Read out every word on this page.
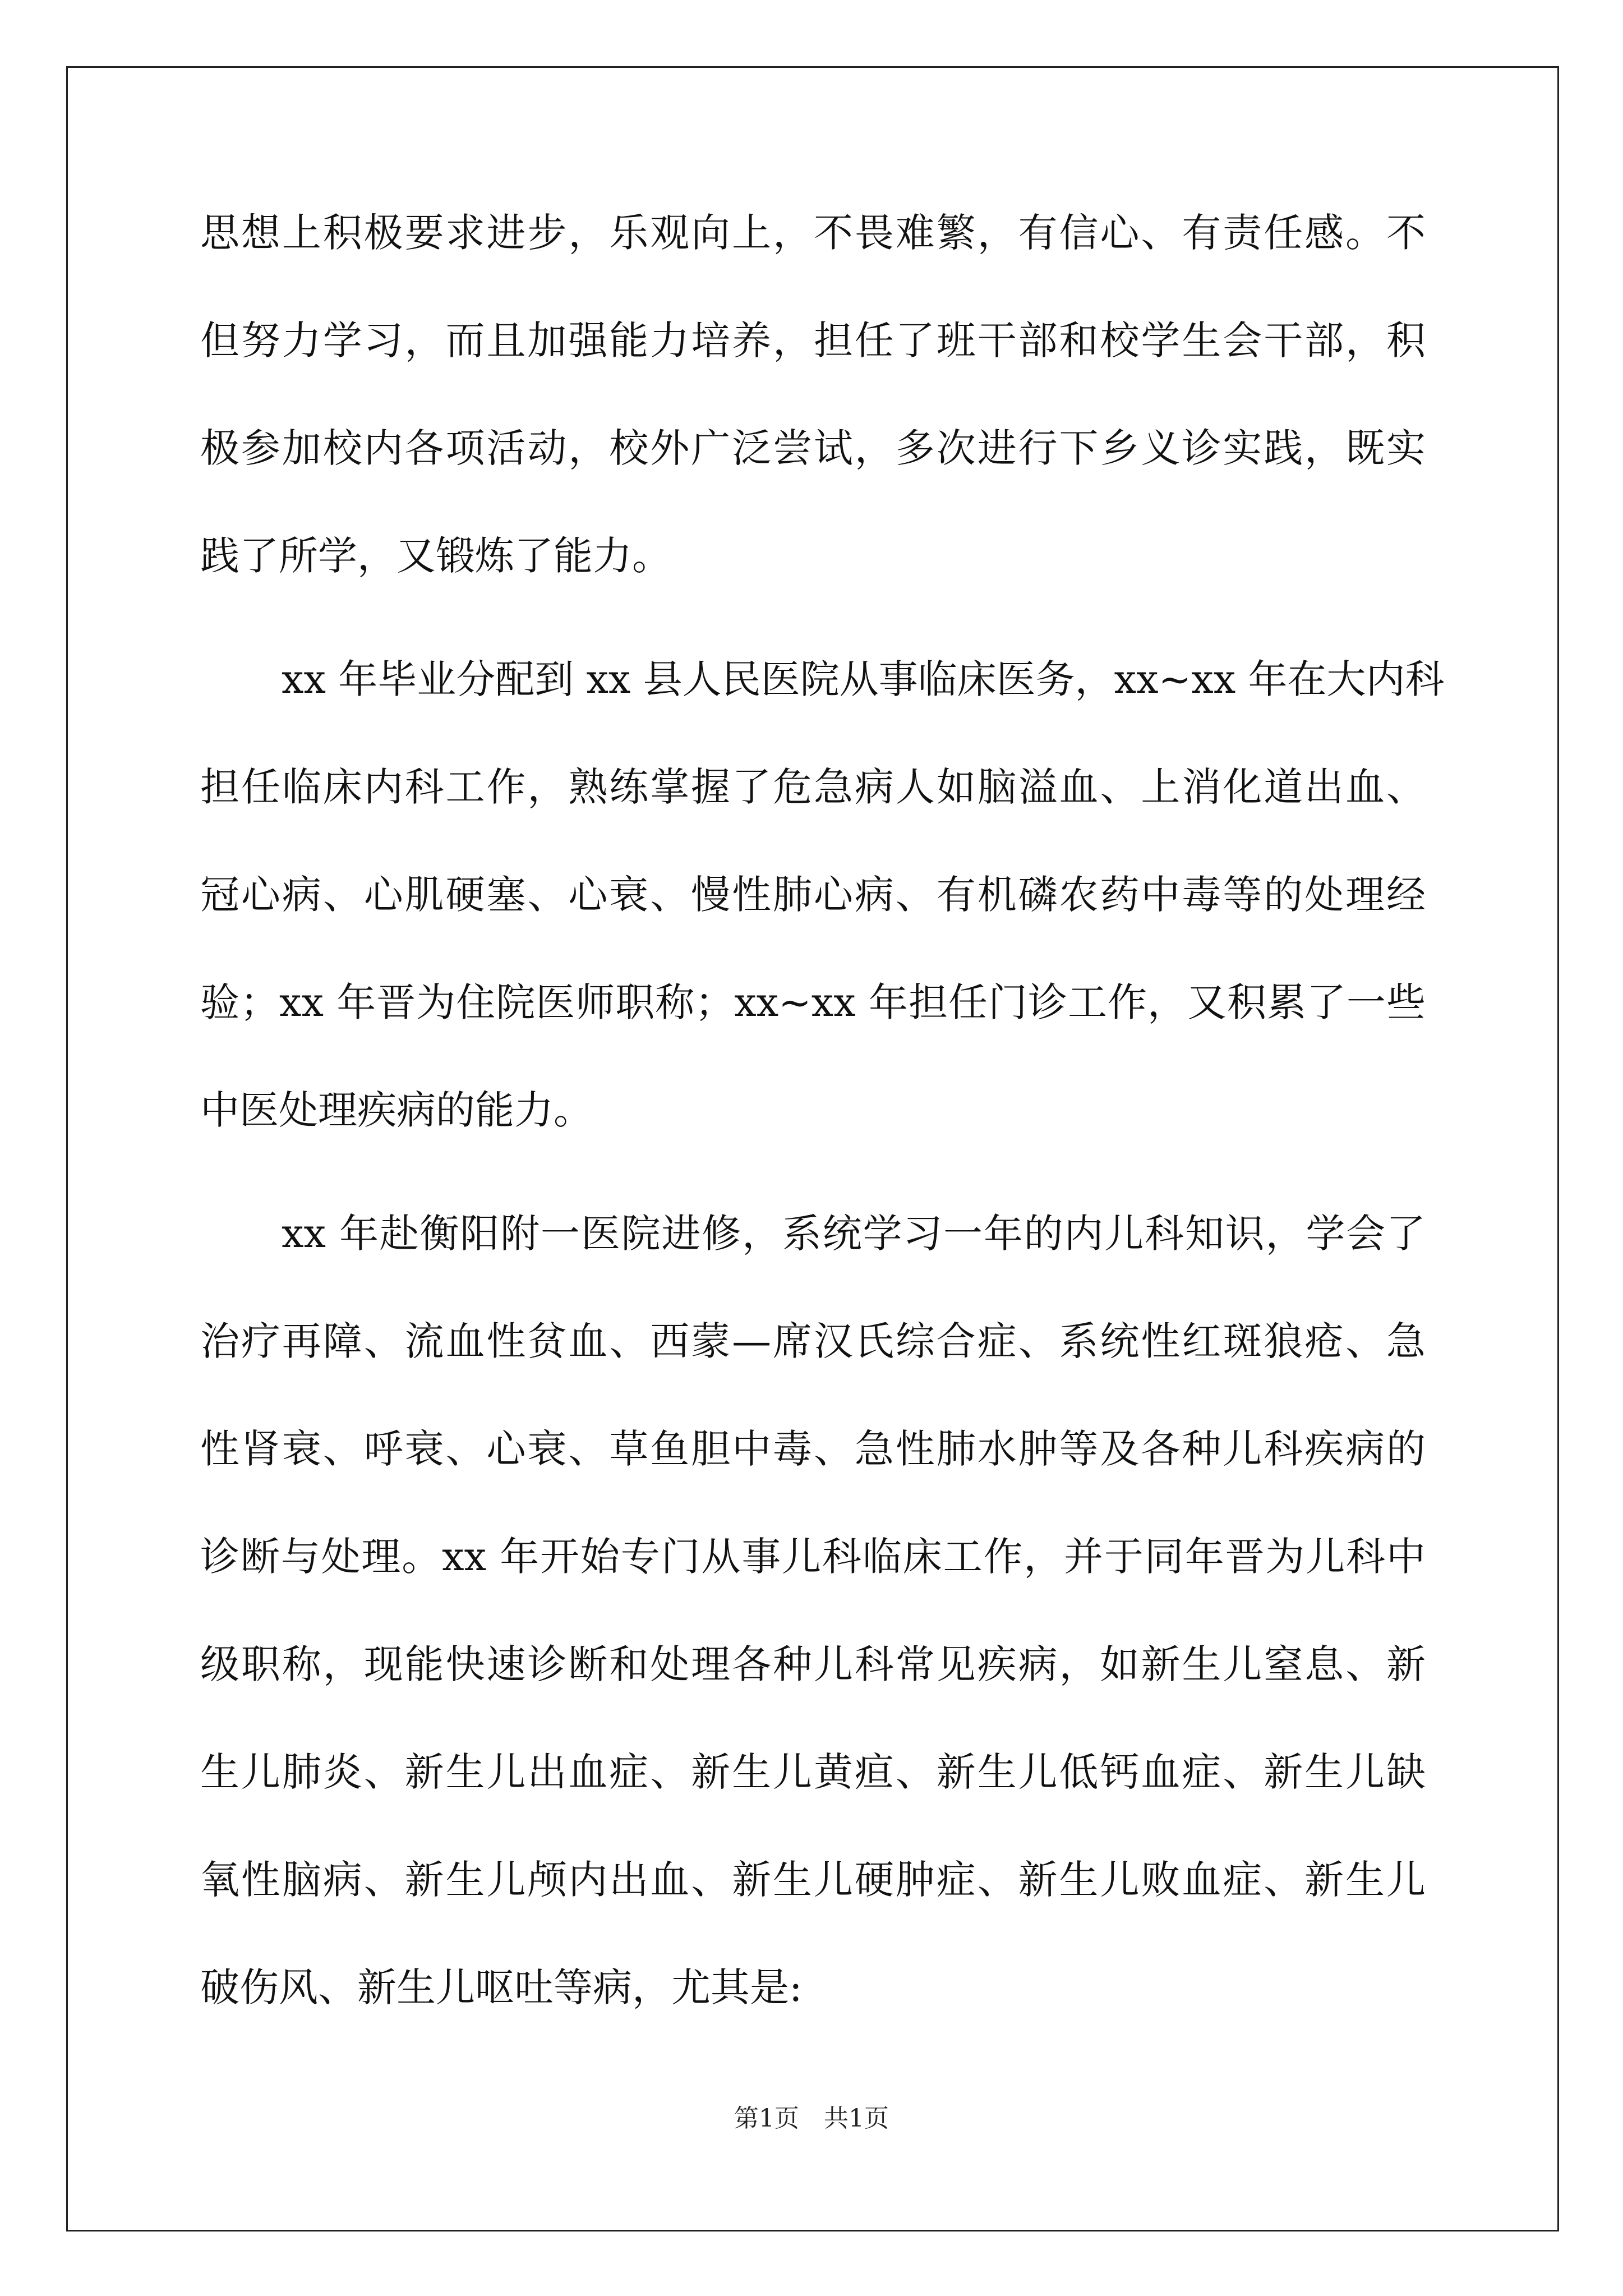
思想上积极要求进步，乐观向上，不畏难繁，有信心、有责任感。不
但努力学习，而且加强能力培养，担任了班干部和校学生会干部，积
极参加校内各项活动，校外广泛尝试，多次进行下乡义诊实践，既实
践了所学，又锻炼了能力。
xx 年毕业分配到 xx 县人民医院从事临床医务，xx~xx 年在大内科
担任临床内科工作，熟练掌握了危急病人如脑溢血、上消化道出血、
冠心病、心肌硬塞、心衰、慢性肺心病、有机磷农药中毒等的处理经
验；xx 年晋为住院医师职称；xx~xx 年担任门诊工作，又积累了一些
中医处理疾病的能力。
xx 年赴衡阳附一医院进修，系统学习一年的内儿科知识，学会了
治疗再障、流血性贫血、西蒙—席汉氏综合症、系统性红斑狼疮、急
性肾衰、呼衰、心衰、草鱼胆中毒、急性肺水肿等及各种儿科疾病的
诊断与处理。xx 年开始专门从事儿科临床工作，并于同年晋为儿科中
级职称，现能快速诊断和处理各种儿科常见疾病，如新生儿窒息、新
生儿肺炎、新生儿出血症、新生儿黄疸、新生儿低钙血症、新生儿缺
氧性脑病、新生儿颅内出血、新生儿硬肿症、新生儿败血症、新生儿
破伤风、新生儿呕吐等病，尤其是:
第1页　共1页
